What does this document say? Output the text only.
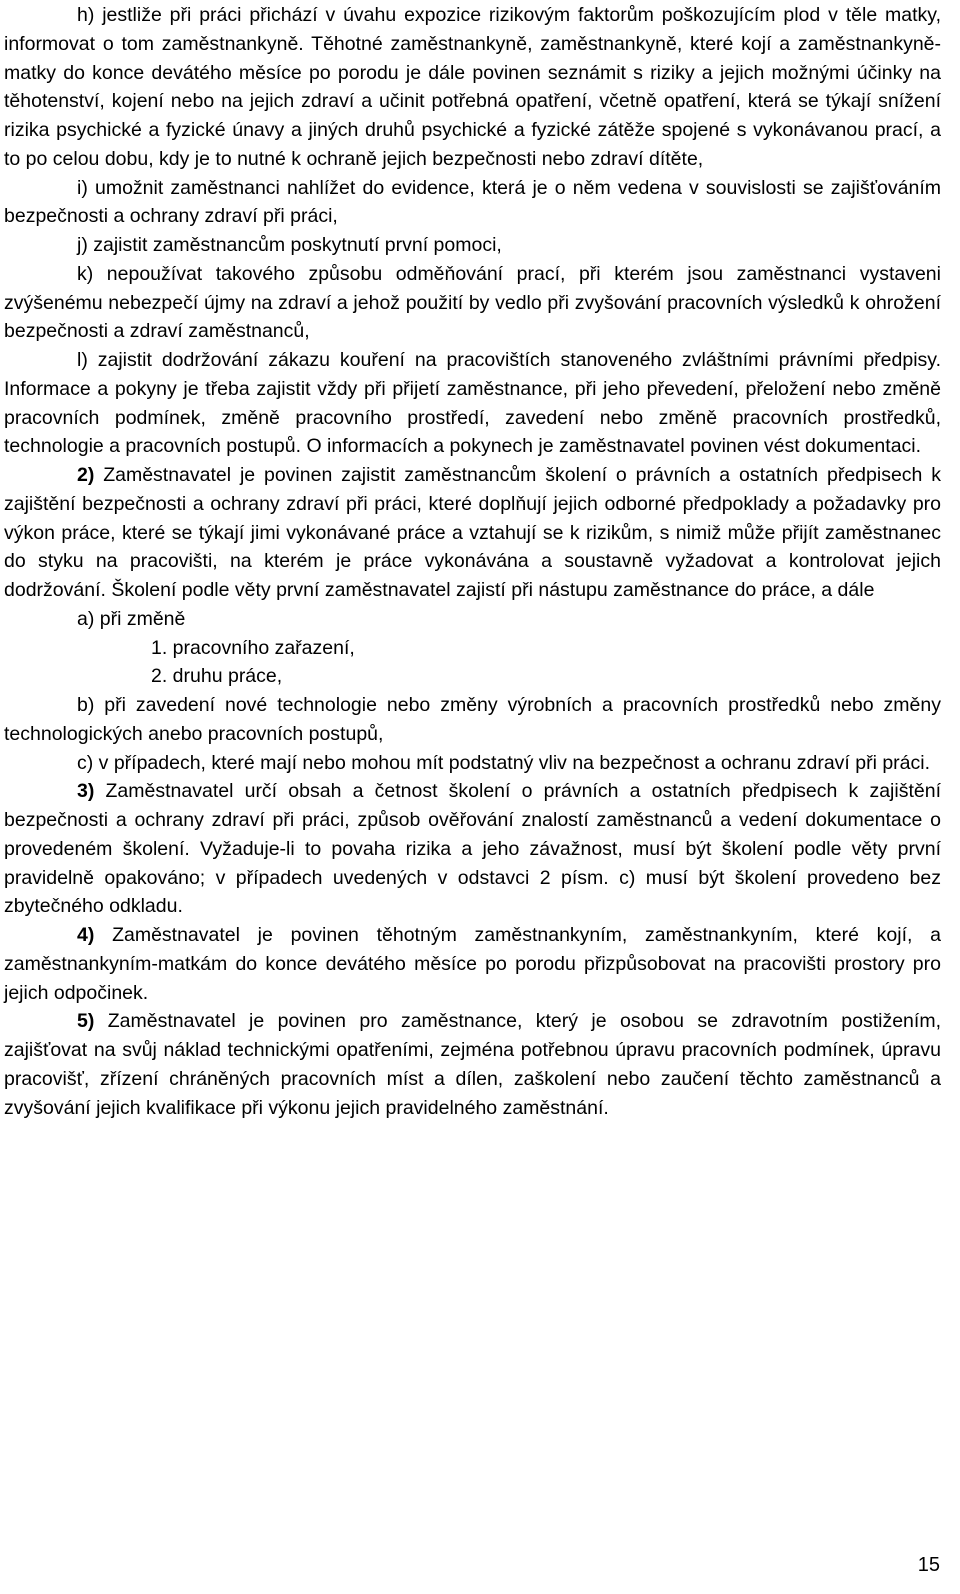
h) jestliže při práci přichází v úvahu expozice rizikovým faktorům poškozujícím plod v těle matky, informovat o tom zaměstnankyně. Těhotné zaměstnankyně, zaměstnankyně, které kojí a zaměstnankyně-matky do konce devátého měsíce po porodu je dále povinen seznámit s riziky a jejich možnými účinky na těhotenství, kojení nebo na jejich zdraví a učinit potřebná opatření, včetně opatření, která se týkají snížení rizika psychické a fyzické únavy a jiných druhů psychické a fyzické zátěže spojené s vykonávanou prací, a to po celou dobu, kdy je to nutné k ochraně jejich bezpečnosti nebo zdraví dítěte,

i) umožnit zaměstnanci nahlížet do evidence, která je o něm vedena v souvislosti se zajišťováním bezpečnosti a ochrany zdraví při práci,

j) zajistit zaměstnancům poskytnutí první pomoci,

k) nepoužívat takového způsobu odměňování prací, při kterém jsou zaměstnanci vystaveni zvýšenému nebezpečí újmy na zdraví a jehož použití by vedlo při zvyšování pracovních výsledků k ohrožení bezpečnosti a zdraví zaměstnanců,

l) zajistit dodržování zákazu kouření na pracovištích stanoveného zvláštními právními předpisy. Informace a pokyny je třeba zajistit vždy při přijetí zaměstnance, při jeho převedení, přeložení nebo změně pracovních podmínek, změně pracovního prostředí, zavedení nebo změně pracovních prostředků, technologie a pracovních postupů. O informacích a pokynech je zaměstnavatel povinen vést dokumentaci.

2) Zaměstnavatel je povinen zajistit zaměstnancům školení o právních a ostatních předpisech k zajištění bezpečnosti a ochrany zdraví při práci, které doplňují jejich odborné předpoklady a požadavky pro výkon práce, které se týkají jimi vykonávané práce a vztahují se k rizikům, s nimiž může přijít zaměstnanec do styku na pracovišti, na kterém je práce vykonávána a soustavně vyžadovat a kontrolovat jejich dodržování. Školení podle věty první zaměstnavatel zajistí při nástupu zaměstnance do práce, a dále

a) při změně

1. pracovního zařazení,

2. druhu práce,

b) při zavedení nové technologie nebo změny výrobních a pracovních prostředků nebo změny technologických anebo pracovních postupů,

c) v případech, které mají nebo mohou mít podstatný vliv na bezpečnost a ochranu zdraví při práci.

3) Zaměstnavatel určí obsah a četnost školení o právních a ostatních předpisech k zajištění bezpečnosti a ochrany zdraví při práci, způsob ověřování znalostí zaměstnanců a vedení dokumentace o provedeném školení. Vyžaduje-li to povaha rizika a jeho závažnost, musí být školení podle věty první pravidelně opakováno; v případech uvedených v odstavci 2 písm. c) musí být školení provedeno bez zbytečného odkladu.

4) Zaměstnavatel je povinen těhotným zaměstnankyním, zaměstnankyním, které kojí, a zaměstnankyním-matkám do konce devátého měsíce po porodu přizpůsobovat na pracovišti prostory pro jejich odpočinek.

5) Zaměstnavatel je povinen pro zaměstnance, který je osobou se zdravotním postižením, zajišťovat na svůj náklad technickými opatřeními, zejména potřebnou úpravu pracovních podmínek, úpravu pracovišť, zřízení chráněných pracovních míst a dílen, zaškolení nebo zaučení těchto zaměstnanců a zvyšování jejich kvalifikace při výkonu jejich pravidelného zaměstnání.

15
